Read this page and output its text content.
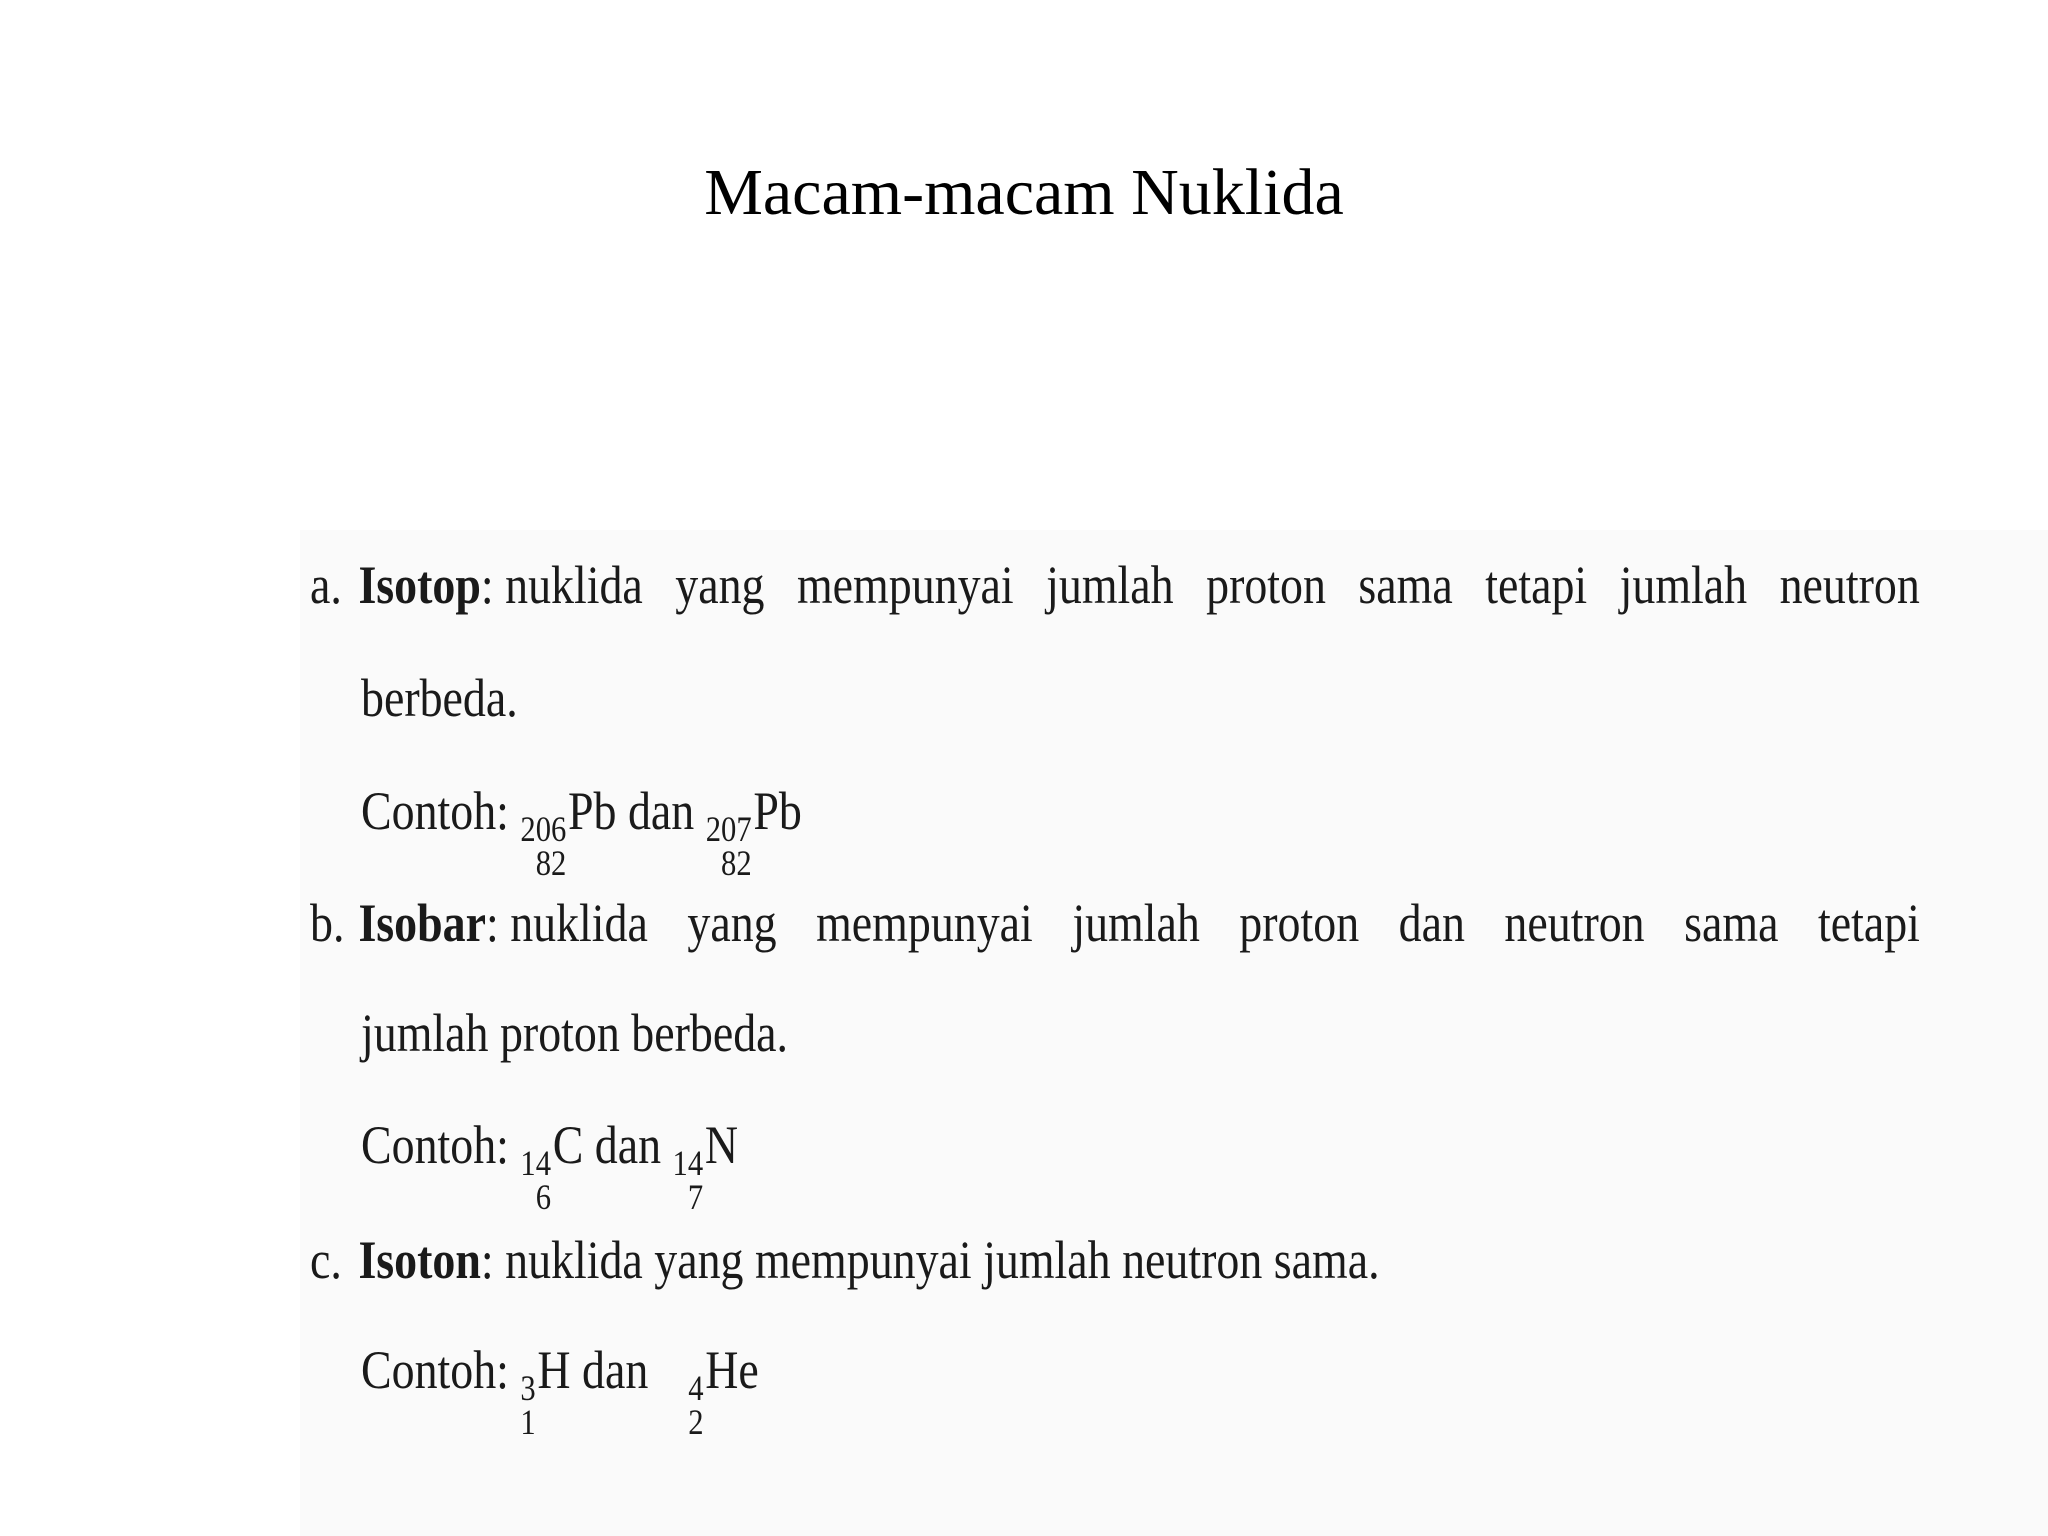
Macam-macam Nuklida
a. Isotop: nuklida yang mempunyai jumlah proton sama tetapi jumlah neutron
berbeda.
Contoh: 206
82
Pb dan 207
82
Pb
b. Isobar: nuklida yang mempunyai jumlah proton dan neutron sama tetapi
jumlah proton berbeda.
Contoh: 14
6
C dan 14
7
N
c. Isoton: nuklida yang mempunyai jumlah neutron sama.
Contoh: 3
1
H dan 4
2
He
